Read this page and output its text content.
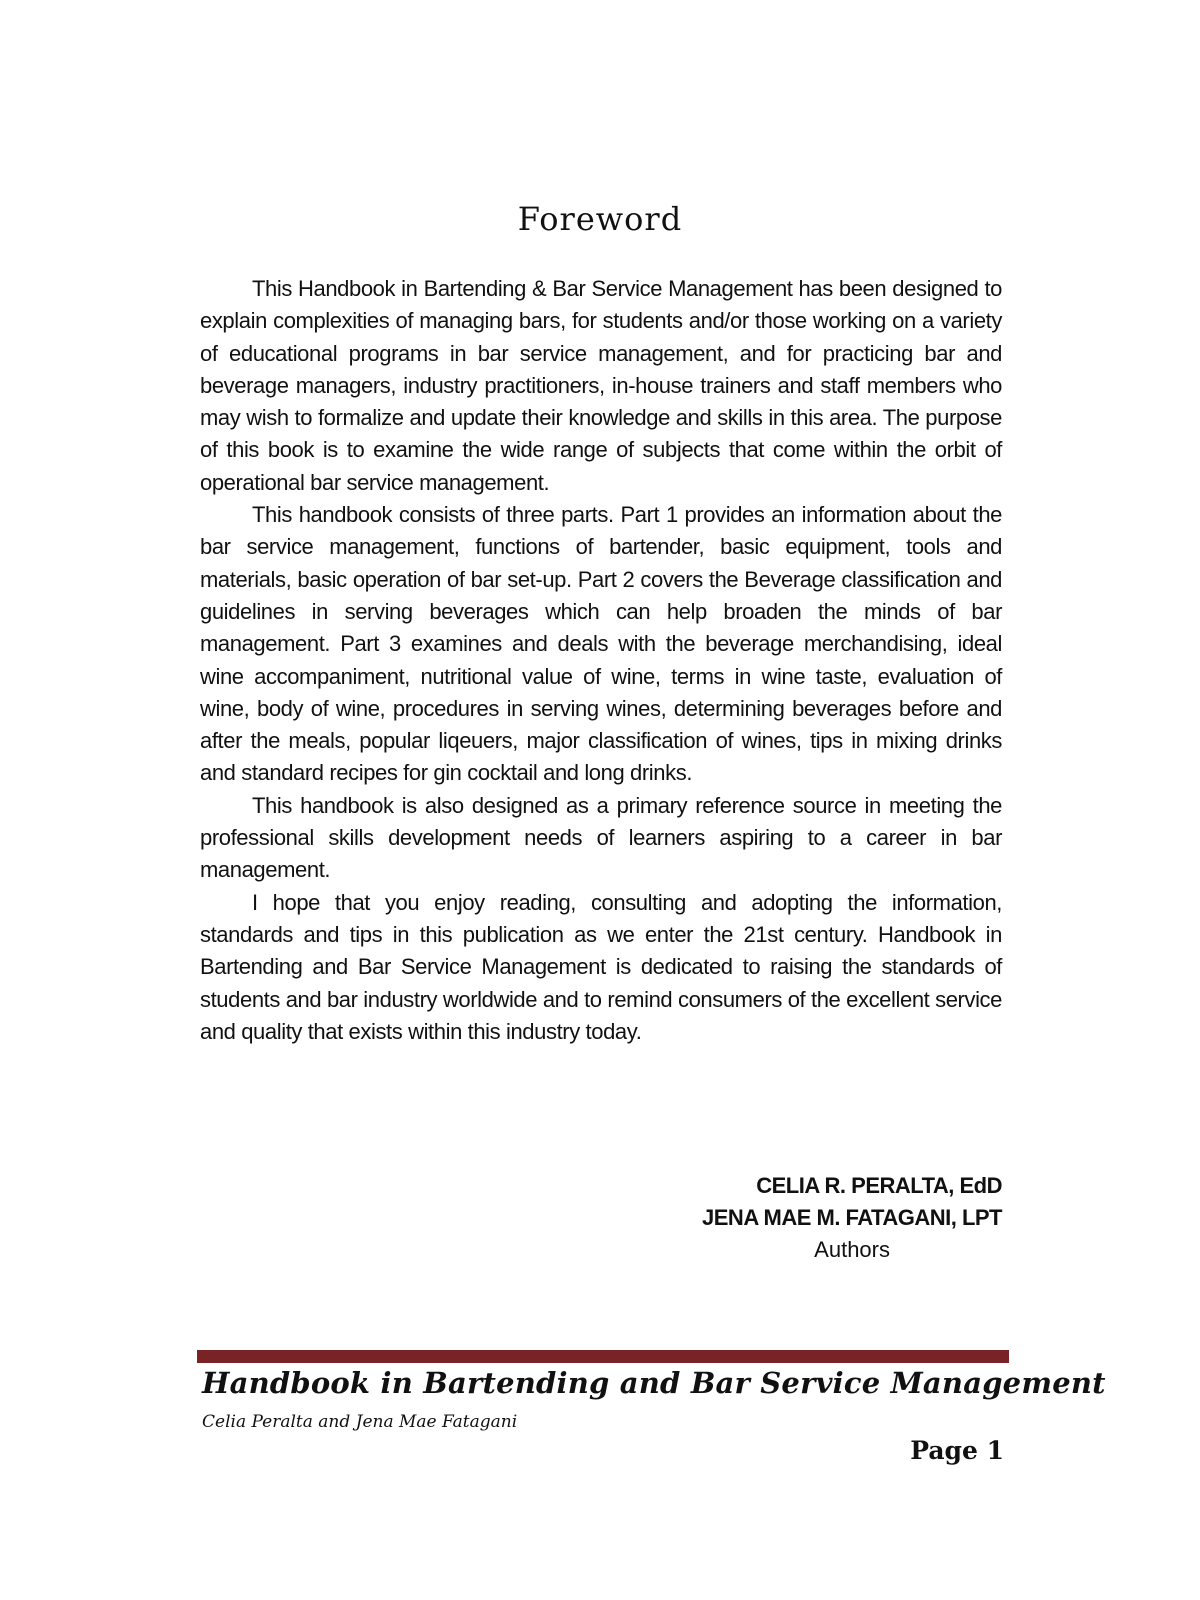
Foreword

This Handbook in Bartending & Bar Service Management has been designed to explain complexities of managing bars, for students and/or those working on a variety of educational programs in bar service management, and for practicing bar and beverage managers, industry practitioners, in-house trainers and staff members who may wish to formalize and update their knowledge and skills in this area. The purpose of this book is to examine the wide range of subjects that come within the orbit of operational bar service management.

This handbook consists of three parts. Part 1 provides an information about the bar service management, functions of bartender, basic equipment, tools and materials, basic operation of bar set-up. Part 2 covers the Beverage classification and guidelines in serving beverages which can help broaden the minds of bar management. Part 3 examines and deals with the beverage merchandising, ideal wine accompaniment, nutritional value of wine, terms in wine taste, evaluation of wine, body of wine, procedures in serving wines, determining beverages before and after the meals, popular liqeuers, major classification of wines, tips in mixing drinks and standard recipes for gin cocktail and long drinks.

This handbook is also designed as a primary reference source in meeting the professional skills development needs of learners aspiring to a career in bar management.

I hope that you enjoy reading, consulting and adopting the information, standards and tips in this publication as we enter the 21st century. Handbook in Bartending and Bar Service Management is dedicated to raising the standards of students and bar industry worldwide and to remind consumers of the excellent service and quality that exists within this industry today.

CELIA R. PERALTA, EdD
JENA MAE M. FATAGANI, LPT
Authors
Handbook in Bartending and Bar Service Management
Celia Peralta and Jena Mae Fatagani
Page 1
